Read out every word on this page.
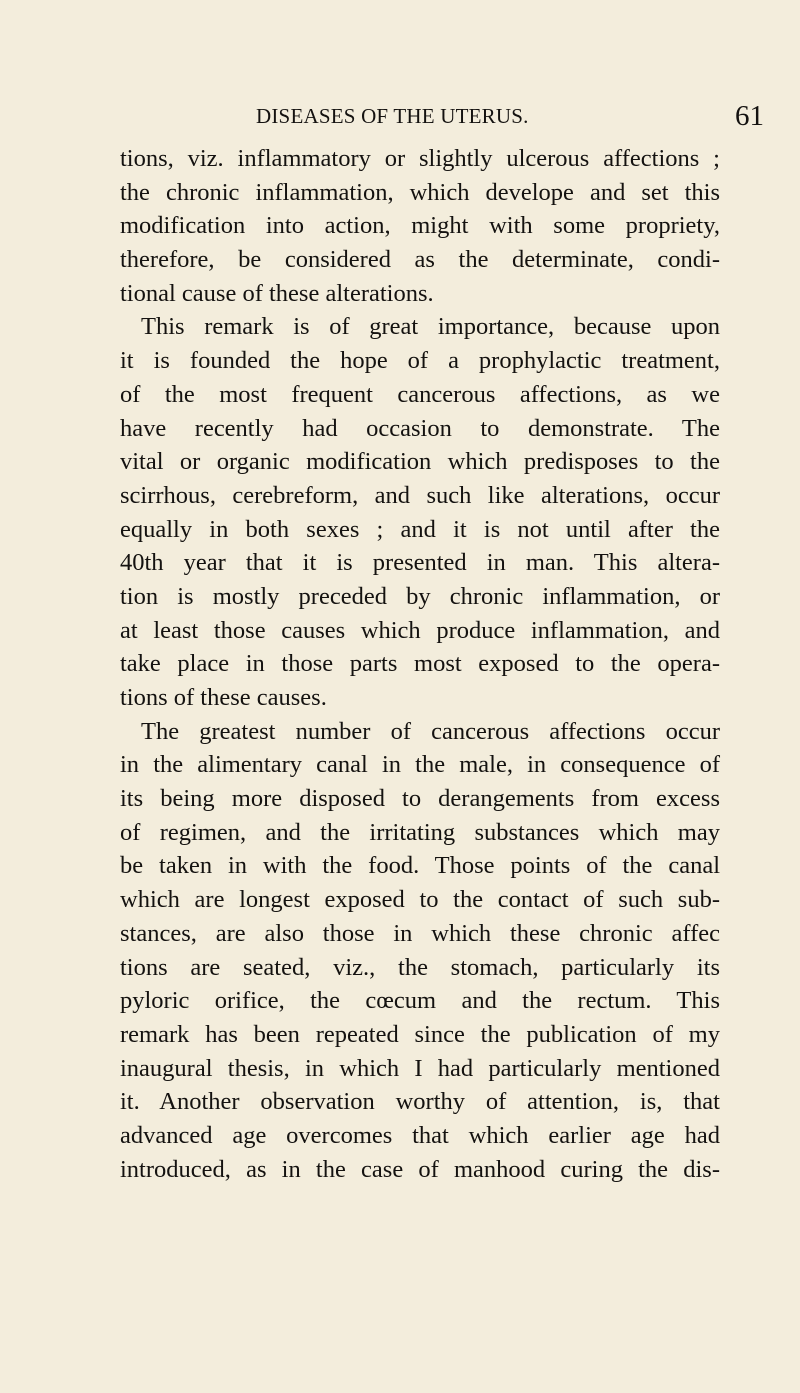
DISEASES OF THE UTERUS.	61
tions, viz. inflammatory or slightly ulcerous affections ;
the chronic inflammation, which develope and set this
modification into action, might with some propriety,
therefore, be considered as the determinate, condi-
tional cause of these alterations.
This remark is of great importance, because upon
it is founded the hope of a prophylactic treatment,
of the most frequent cancerous affections, as we
have recently had occasion to demonstrate. The
vital or organic modification which predisposes to the
scirrhous, cerebreform, and such like alterations, occur
equally in both sexes ; and it is not until after the
40th year that it is presented in man. This altera-
tion is mostly preceded by chronic inflammation, or
at least those causes which produce inflammation, and
take place in those parts most exposed to the opera-
tions of these causes.
The greatest number of cancerous affections occur
in the alimentary canal in the male, in consequence of
its being more disposed to derangements from excess
of regimen, and the irritating substances which may
be taken in with the food. Those points of the canal
which are longest exposed to the contact of such sub-
stances, are also those in which these chronic affec
tions are seated, viz., the stomach, particularly its
pyloric orifice, the cœcum and the rectum. This
remark has been repeated since the publication of my
inaugural thesis, in which I had particularly mentioned
it. Another observation worthy of attention, is, that
advanced age overcomes that which earlier age had
introduced, as in the case of manhood curing the dis-
